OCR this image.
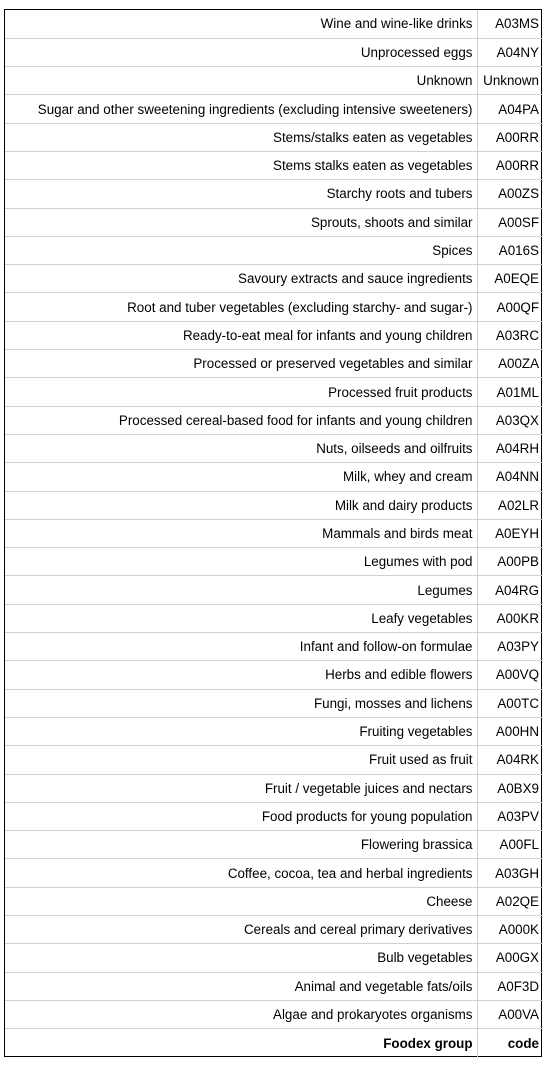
Wine and wine-like drinks	A03MS
Unprocessed eggs	A04NY
Unknown	Unknown
Sugar and other sweetening ingredients (excluding intensive sweeteners)	A04PA
Stems/stalks eaten as vegetables	A00RR
Stems stalks eaten as vegetables	A00RR
Starchy roots and tubers	A00ZS
Sprouts, shoots and similar	A00SF
Spices	A016S
Savoury extracts and sauce ingredients	A0EQE
Root and tuber vegetables (excluding starchy- and sugar-)	A00QF
Ready-to-eat meal for infants and young children	A03RC
Processed or preserved vegetables and similar	A00ZA
Processed fruit products	A01ML
Processed cereal-based food for infants and young children	A03QX
Nuts, oilseeds and oilfruits	A04RH
Milk, whey and cream	A04NN
Milk and dairy products	A02LR
Mammals and birds meat	A0EYH
Legumes with pod	A00PB
Legumes	A04RG
Leafy vegetables	A00KR
Infant and follow-on formulae	A03PY
Herbs and edible flowers	A00VQ
Fungi, mosses and lichens	A00TC
Fruiting vegetables	A00HN
Fruit used as fruit	A04RK
Fruit / vegetable juices and nectars	A0BX9
Food products for young population	A03PV
Flowering brassica	A00FL
Coffee, cocoa, tea and herbal ingredients	A03GH
Cheese	A02QE
Cereals and cereal primary derivatives	A000K
Bulb vegetables	A00GX
Animal and vegetable fats/oils	A0F3D
Algae and prokaryotes organisms	A00VA
Foodex group	code
